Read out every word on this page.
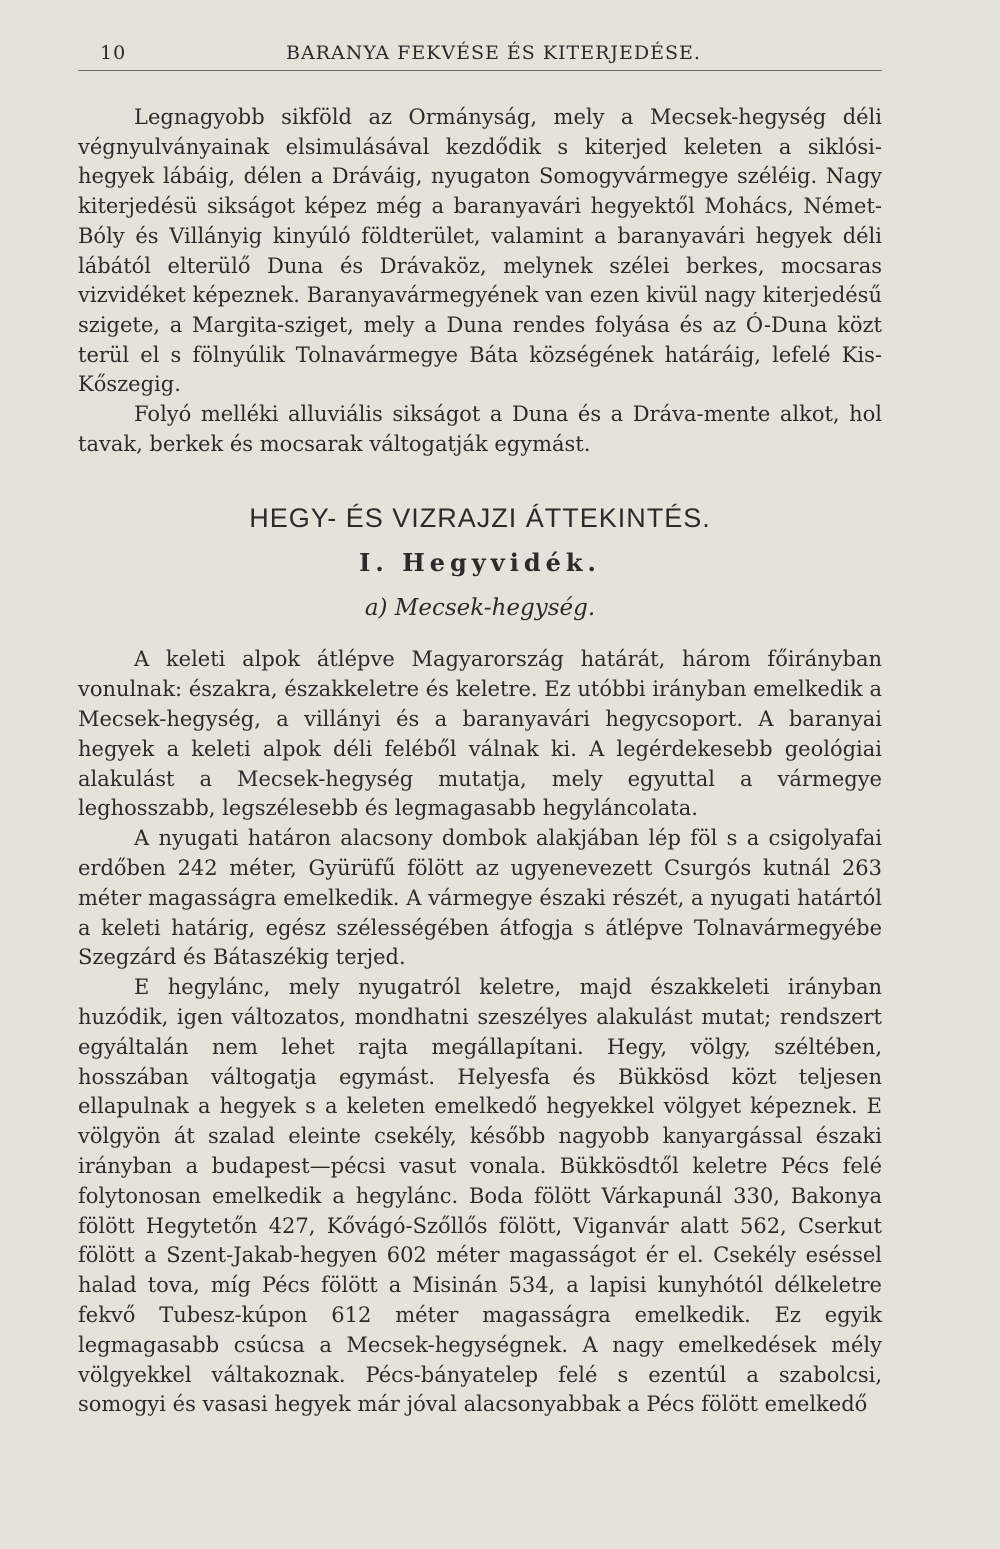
10	BARANYA FEKVÉSE ÉS KITERJEDÉSE.

Legnagyobb sikföld az Ormányság, mely a Mecsek-hegység déli végnyulványainak elsimulásával kezdődik s kiterjed keleten a siklósi-hegyek lábáig, délen a Dráváig, nyugaton Somogyvármegye széléig. Nagy kiterjedésü sikságot képez még a baranyavári hegyektől Mohács, Német-Bóly és Villányig kinyúló földterület, valamint a baranyavári hegyek déli lábától elterülő Duna és Drávaköz, melynek szélei berkes, mocsaras vizvidéket képeznek. Baranyavármegyének van ezen kivül nagy kiterjedésű szigete, a Margita-sziget, mely a Duna rendes folyása és az Ó-Duna közt terül el s fölnyúlik Tolnavármegye Báta községének határáig, lefelé Kis-Kőszegig.

Folyó melléki alluviális sikságot a Duna és a Dráva-mente alkot, hol tavak, berkek és mocsarak váltogatják egymást.

HEGY- ÉS VIZRAJZI ÁTTEKINTÉS.
I. Hegyvidék.
a) Mecsek-hegység.

A keleti alpok átlépve Magyarország határát, három főirányban vonulnak: északra, északkeletre és keletre. Ez utóbbi irányban emelkedik a Mecsek-hegység, a villányi és a baranyavári hegycsoport. A baranyai hegyek a keleti alpok déli feléből válnak ki. A legérdekesebb geológiai alakulást a Mecsek-hegység mutatja, mely egyuttal a vármegye leghosszabb, legszélesebb és legmagasabb hegyláncolata.

A nyugati határon alacsony dombok alakjában lép föl s a csigolyafai erdőben 242 méter, Gyürüfű fölött az ugyenevezett Csurgós kutnál 263 méter magasságra emelkedik. A vármegye északi részét, a nyugati határtól a keleti határig, egész szélességében átfogja s átlépve Tolnavármegyébe Szegzárd és Bátaszékig terjed.

E hegylánc, mely nyugatról keletre, majd északkeleti irányban huzódik, igen változatos, mondhatni szeszélyes alakulást mutat; rendszert egyáltalán nem lehet rajta megállapítani. Hegy, völgy, széltében, hosszában váltogatja egymást. Helyesfa és Bükkösd közt teljesen ellapulnak a hegyek s a keleten emelkedő hegyekkel völgyet képeznek. E völgyön át szalad eleinte csekély, később nagyobb kanyargással északi irányban a budapest—pécsi vasut vonala. Bükkösdtől keletre Pécs felé folytonosan emelkedik a hegylánc. Boda fölött Várkapunál 330, Bakonya fölött Hegytetőn 427, Kővágó-Szőllős fölött, Viganvár alatt 562, Cserkut fölött a Szent-Jakab-hegyen 602 méter magasságot ér el. Csekély eséssel halad tova, míg Pécs fölött a Misinán 534, a lapisi kunyhótól délkeletre fekvő Tubesz-kúpon 612 méter magasságra emelkedik. Ez egyik legmagasabb csúcsa a Mecsek-hegységnek. A nagy emelkedések mély völgyekkel váltakoznak. Pécs-bányatelep felé s ezentúl a szabolcsi, somogyi és vasasi hegyek már jóval alacsonyabbak a Pécs fölött emelkedő
